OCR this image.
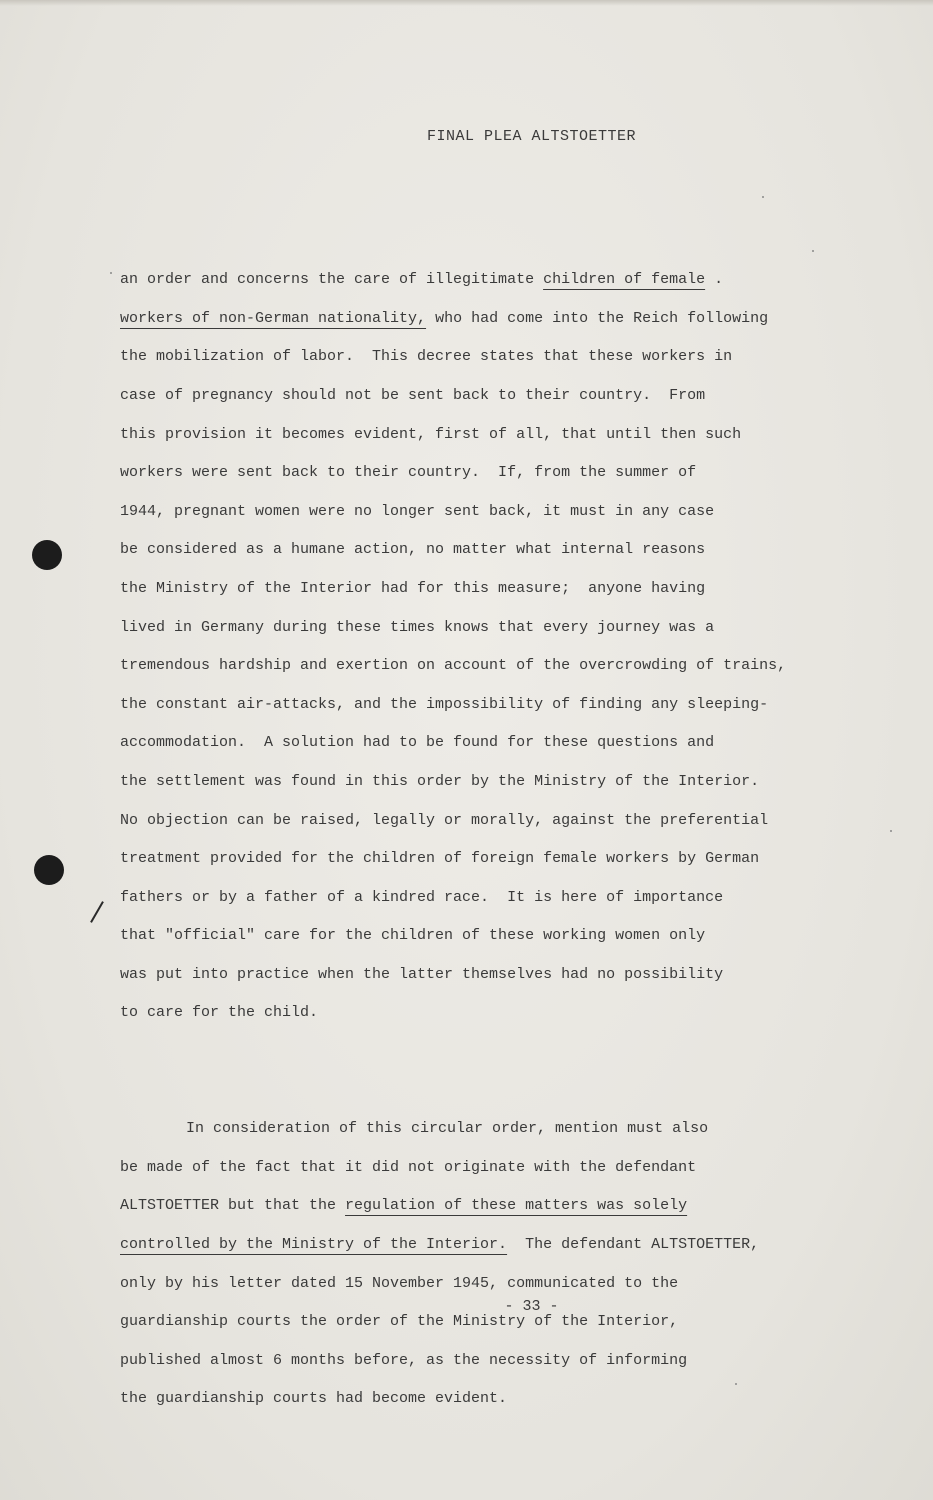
FINAL PLEA ALTSTOETTER

an order and concerns the care of illegitimate children of female .
workers of non-German nationality, who had come into the Reich following
the mobilization of labor.  This decree states that these workers in
case of pregnancy should not be sent back to their country.  From
this provision it becomes evident, first of all, that until then such
workers were sent back to their country.  If, from the summer of
1944, pregnant women were no longer sent back, it must in any case
be considered as a humane action, no matter what internal reasons
the Ministry of the Interior had for this measure;  anyone having
lived in Germany during these times knows that every journey was a
tremendous hardship and exertion on account of the overcrowding of trains,
the constant air-attacks, and the impossibility of finding any sleeping-
accommodation.  A solution had to be found for these questions and
the settlement was found in this order by the Ministry of the Interior.
No objection can be raised, legally or morally, against the preferential
treatment provided for the children of foreign female workers by German
fathers or by a father of a kindred race.  It is here of importance
that "official" care for the children of these working women only
was put into practice when the latter themselves had no possibility
to care for the child.

In consideration of this circular order, mention must also
be made of the fact that it did not originate with the defendant
ALTSTOETTER but that the regulation of these matters was solely
controlled by the Ministry of the Interior.  The defendant ALTSTOETTER,
only by his letter dated 15 November 1945, communicated to the
guardianship courts the order of the Ministry of the Interior,
published almost 6 months before, as the necessity of informing
the guardianship courts had become evident.

- 33 -
